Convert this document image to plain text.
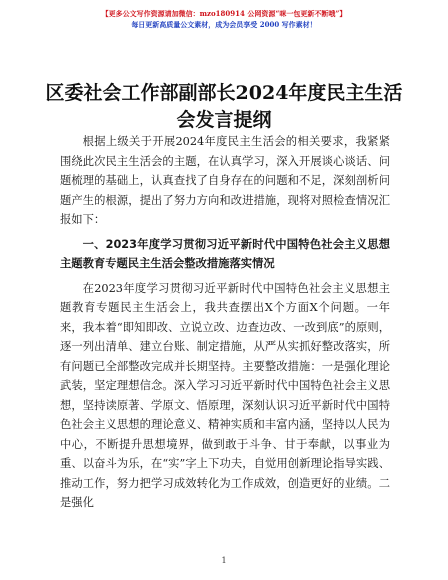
【更多公文写作资源请加微信：mzo180914 公网资源“咪一包更新不断哦”】
每日更新高质量公文素材，成为会员享受 2000 写作素材！
区委社会工作部副部长2024年度民主生活会发言提纲

根据上级关于开展2024年度民主生活会的相关要求，我紧紧围绕此次民主生活会的主题，在认真学习，深入开展谈心谈话、问题梳理的基础上，认真查找了自身存在的问题和不足，深刻剖析问题产生的根源，提出了努力方向和改进措施，现将对照检查情况汇报如下：

一、2023年度学习贯彻习近平新时代中国特色社会主义思想主题教育专题民主生活会整改措施落实情况

在2023年度学习贯彻习近平新时代中国特色社会主义思想主题教育专题民主生活会上，我共查摆出X个方面X个问题。一年来，我本着“即知即改、立说立改、边查边改、一改到底”的原则，逐一列出清单、建立台账、制定措施，从严从实抓好整改落实，所有问题已全部整改完成并长期坚持。主要整改措施：一是强化理论武装，坚定理想信念。深入学习习近平新时代中国特色社会主义思想，坚持读原著、学原文、悟原理，深刻认识习近平新时代中国特色社会主义思想的理论意义、精神实质和丰富内涵，坚持以人民为中心，不断提升思想境界，做到敢于斗争、甘于奉献，以事业为重、以奋斗为乐，在“实”字上下功夫，自觉用创新理论指导实践、推动工作，努力把学习成效转化为工作成效，创造更好的业绩。二是强化

1
